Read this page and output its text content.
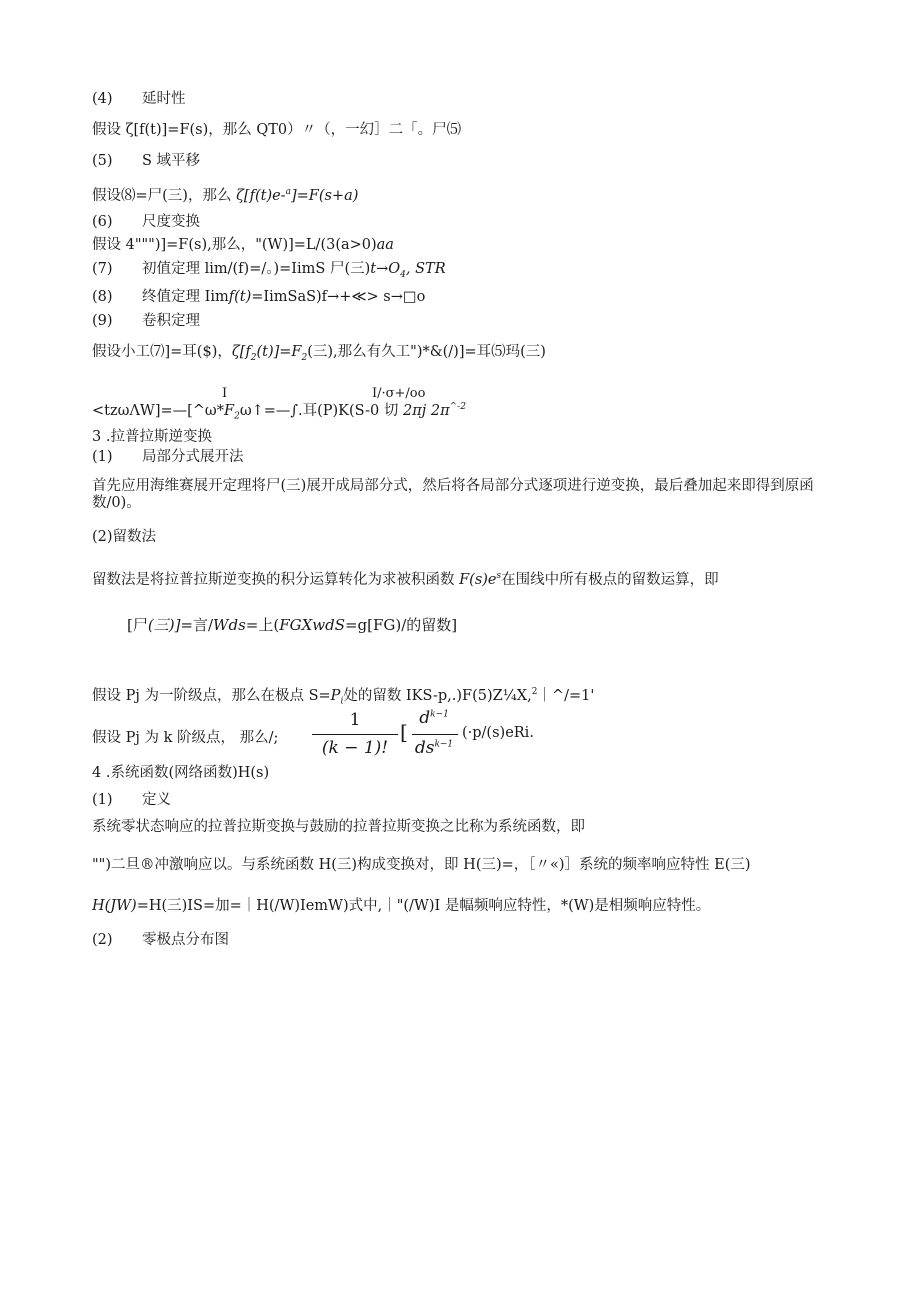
(4) 延时性
假设 ζ[f(t)]=F(s)，那么 QT0）〃（，一幻］二「。尸⑸
(5) S 域平移
假设⑻=尸(三)，那么 ζ[f(t)e-$^a$]=F(s+a)
(6) 尺度变换
假设 4""")]=F(s),那么，"(W)]=L/(3(a>0)aa
(7) 初值定理 lim/(f)=/。)=IimS 尸(三)$t\to O_4$, STR
(8) 终值定理 Iimf(t)=IimSaS)f→+≪> s→□o
(9) 卷积定理
假设小工⑺]=耳($)，$\zeta[f_2(t)]=F_2$(三),那么有久工")*&(/)]=耳⑸玛(三)
I	I/·σ+/oo
$<tz\omega\Lambda W]=—[\^{}\omega*F_2\omega↑=—\int$.耳(P)K(S-0 切 2πj $2\pi^{\^{}-2}$
3 .拉普拉斯逆变换
(1) 局部分式展开法
首先应用海维赛展开定理将尸(三)展开成局部分式，然后将各局部分式逐项进行逆变换，最后叠加起来即得到原函数/0)。
(2)留数法
留数法是将拉普拉斯逆变换的积分运算转化为求被积函数 $F(s)e^s$在围线中所有极点的留数运算，即
[尸(三)]=言/Wds=上(FGXwdS=g[FG)/的留数]
假设 Pj 为一阶级点，那么在极点 $S=P_i$处的留数 IKS-p,.)F(5)Z¼X,$^2$｜^/=1'
假设 Pj 为 k 阶级点， 那么/;
1
(k − 1)!
[
$d^{k-1}$
$ds^{k-1}$
(·p/(s)eRi.
4 .系统函数(网络函数)H(s)
(1) 定义
系统零状态响应的拉普拉斯变换与鼓励的拉普拉斯变换之比称为系统函数，即
"")二旦®冲激响应以。与系统函数 H(三)构成变换对，即 H(三)=，［〃«)］系统的频率响应特性 E(三)
H(JW)=H(三)IS=加=｜H(/W)IemW)式中,｜"(/W)I 是幅频响应特性，*(W)是相频响应特性。
(2) 零极点分布图
